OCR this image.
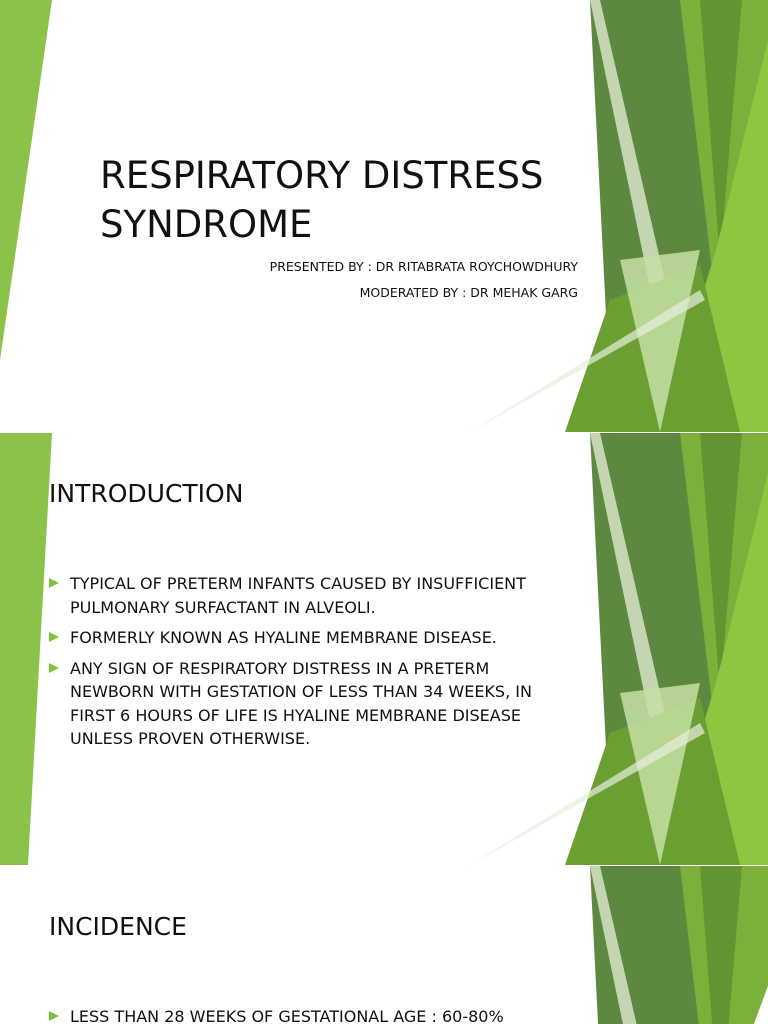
RESPIRATORY DISTRESS SYNDROME
PRESENTED BY : DR RITABRATA ROYCHOWDHURY
MODERATED BY : DR MEHAK GARG
INTRODUCTION
TYPICAL OF PRETERM INFANTS CAUSED BY INSUFFICIENT PULMONARY SURFACTANT IN ALVEOLI.
FORMERLY KNOWN AS HYALINE MEMBRANE DISEASE.
ANY SIGN OF RESPIRATORY DISTRESS IN A PRETERM NEWBORN WITH GESTATION OF LESS THAN 34 WEEKS, IN FIRST 6 HOURS OF LIFE IS HYALINE MEMBRANE DISEASE UNLESS PROVEN OTHERWISE.
INCIDENCE
LESS THAN 28 WEEKS OF GESTATIONAL AGE : 60-80%
